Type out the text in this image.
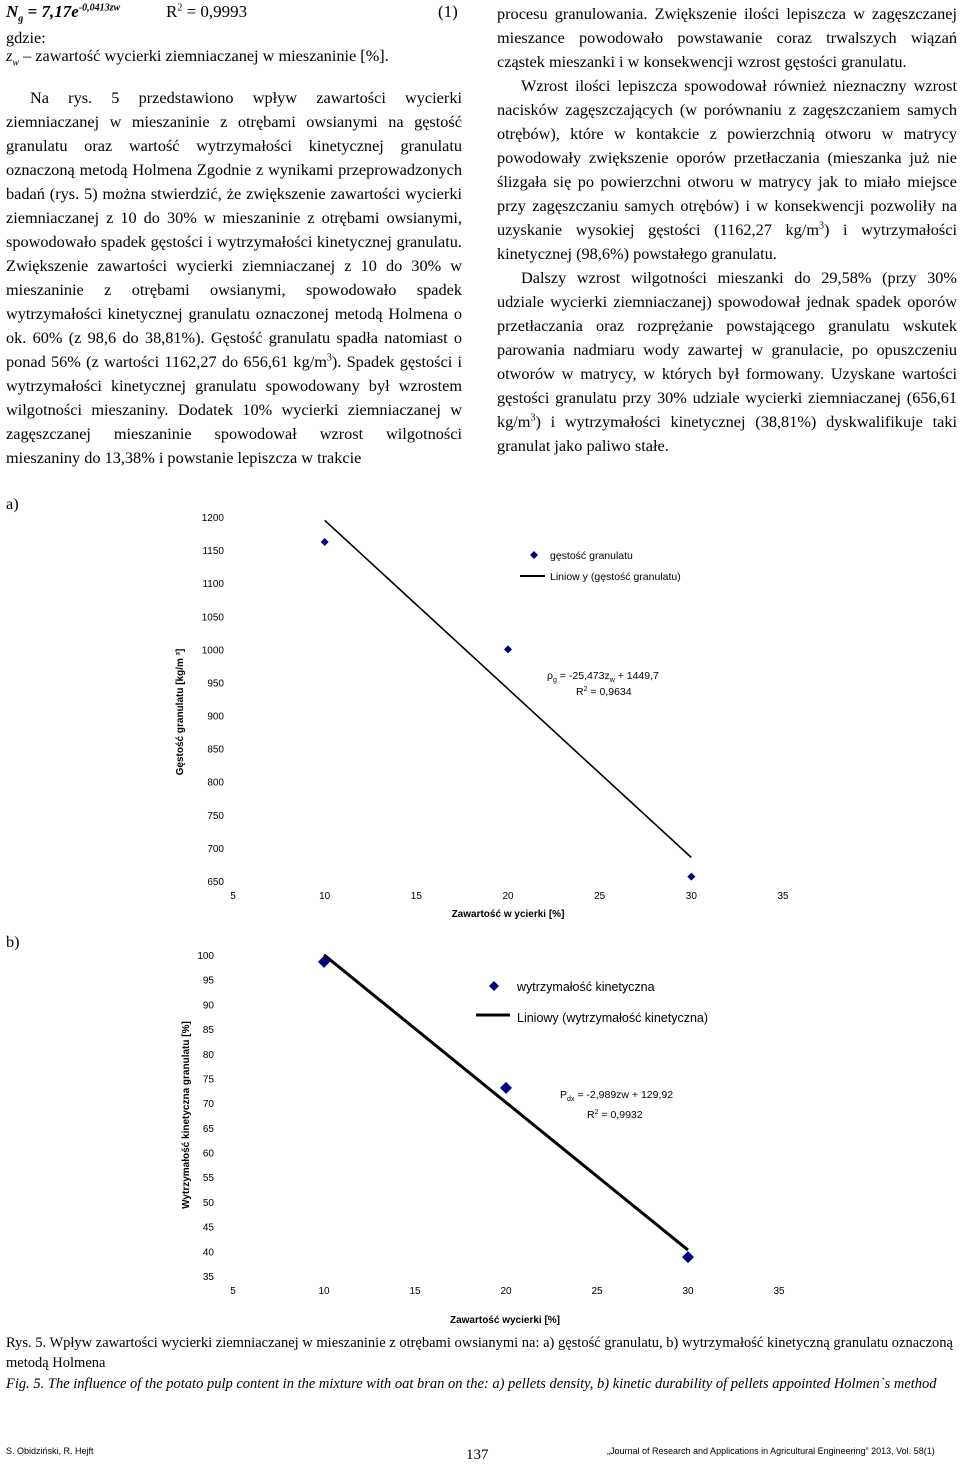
$N_g = 7,17e^{-0,0413zw}$	$R^2 = 0,9993$	(1)
gdzie:
$z_w$ – zawartość wycierki ziemniaczanej w mieszaninie [%].
Na rys. 5 przedstawiono wpływ zawartości wycierki ziemniaczanej w mieszaninie z otrębami owsianymi na gęstość granulatu oraz wartość wytrzymałości kinetycznej granulatu oznaczoną metodą Holmena Zgodnie z wynikami przeprowadzonych badań (rys. 5) można stwierdzić, że zwiększenie zawartości wycierki ziemniaczanej z 10 do 30% w mieszaninie z otrębami owsianymi, spowodowało spadek gęstości i wytrzymałości kinetycznej granulatu. Zwiększenie zawartości wycierki ziemniaczanej z 10 do 30% w mieszaninie z otrębami owsianymi, spowodowało spadek wytrzymałości kinetycznej granulatu oznaczonej metodą Holmena o ok. 60% (z 98,6 do 38,81%). Gęstość granulatu spadła natomiast o ponad 56% (z wartości 1162,27 do 656,61 $kg/m^3$). Spadek gęstości i wytrzymałości kinetycznej granulatu spowodowany był wzrostem wilgotności mieszaniny. Dodatek 10% wycierki ziemniaczanej w zagęszczanej mieszaninie spowodował wzrost wilgotności mieszaniny do 13,38% i powstanie lepiszcza w trakcie
procesu granulowania. Zwiększenie ilości lepiszcza w zagęszczanej mieszance powodowało powstawanie coraz trwalszych wiązań cząstek mieszanki i w konsekwencji wzrost gęstości granulatu.
Wzrost ilości lepiszcza spowodował również nieznaczny wzrost nacisków zagęszczających (w porównaniu z zagęszczaniem samych otrębów), które w kontakcie z powierzchnią otworu w matrycy powodowały zwiększenie oporów przetłaczania (mieszanka już nie ślizgała się po powierzchni otworu w matrycy jak to miało miejsce przy zagęszczaniu samych otrębów) i w konsekwencji pozwoliły na uzyskanie wysokiej gęstości (1162,27 $kg/m^3$) i wytrzymałości kinetycznej (98,6%) powstałego granulatu.
Dalszy wzrost wilgotności mieszanki do 29,58% (przy 30% udziale wycierki ziemniaczanej) spowodował jednak spadek oporów przetłaczania oraz rozprężanie powstającego granulatu wskutek parowania nadmiaru wody zawartej w granulacie, po opuszczeniu otworów w matrycy, w których był formowany. Uzyskane wartości gęstości granulatu przy 30% udziale wycierki ziemniaczanej (656,61 $kg/m^3$) i wytrzymałości kinetycznej (38,81%) dyskwalifikuje taki granulat jako paliwo stałe.
a)
b)
1200
1150
1100
1050
1000
950
900
850
800
750
700
650
5	10	15	20	25	30	35
Zawartość w ycierki [%]
Gęstość granulatu [kg/m ³]
gęstość granulatu
Liniow y (gęstość granulatu)
$\rho_g = -25,473z_w + 1449,7$
$R^2 = 0,9634$
100
95
90
85
80
75
70
65
60
55
50
45
40
35
5	10	15	20	25	30	35
Zawartość wycierki [%]
Wytrzymałość kinetyczna granulatu [%]
wytrzymałość kinetyczna
Liniowy (wytrzymałość kinetyczna)
$P_{dx} = -2,989zw + 129,92$
$R^2 = 0,9932$
Rys. 5. Wpływ zawartości wycierki ziemniaczanej w mieszaninie z otrębami owsianymi na: a) gęstość granulatu, b) wytrzymałość kinetyczną granulatu oznaczoną metodą Holmena
Fig. 5. The influence of the potato pulp content in the mixture with oat bran on the: a) pellets density, b) kinetic durability of pellets appointed Holmen`s method
S. Obidziński, R. Hejft	137	„Journal of Research and Applications in Agricultural Engineering” 2013, Vol. 58(1)
